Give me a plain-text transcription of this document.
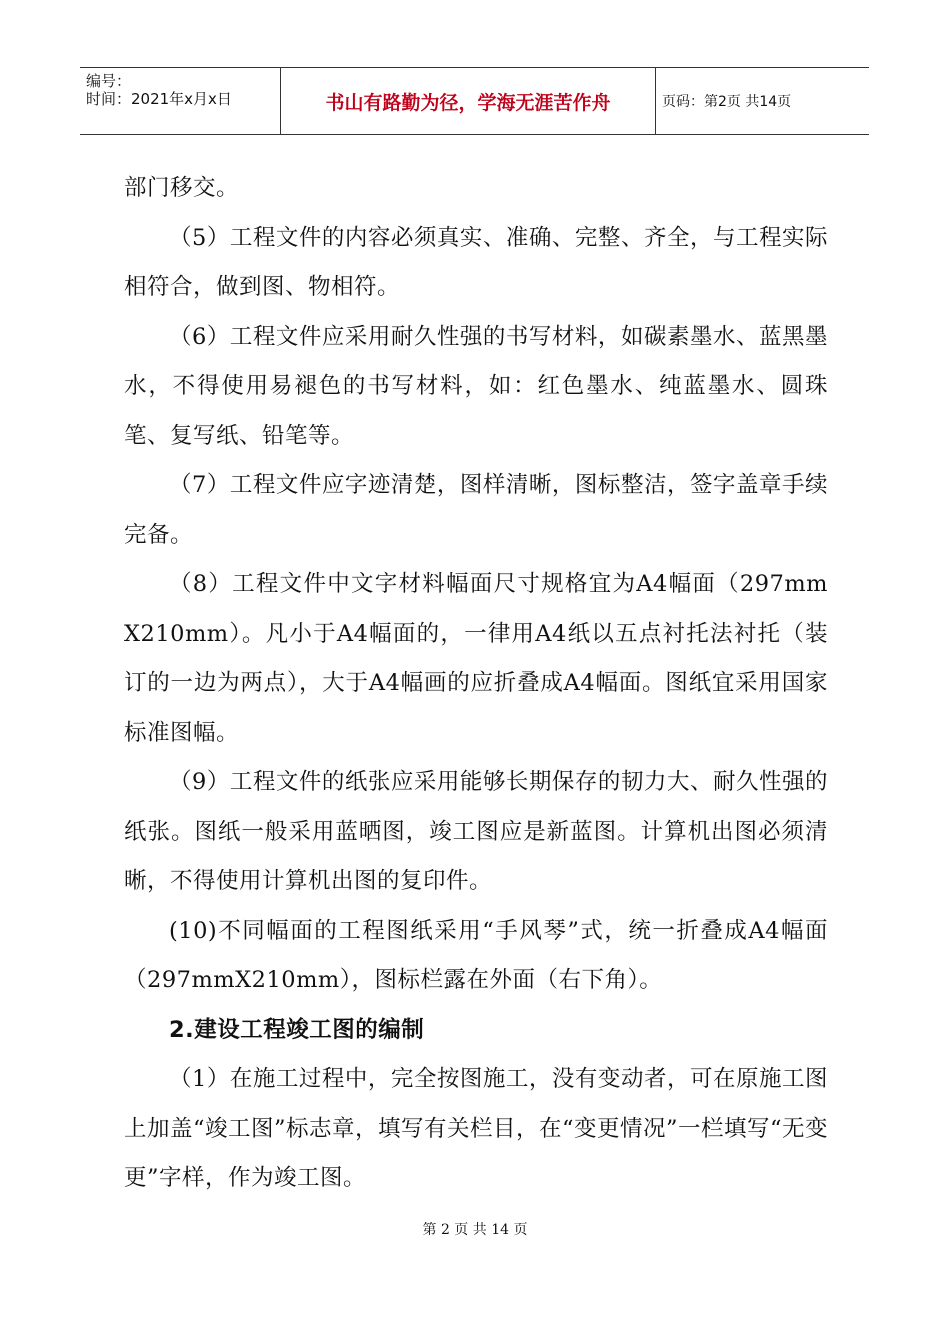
编号：
时间：2021年x月x日	书山有路勤为径，学海无涯苦作舟	页码：第2页 共14页

部门移交。

（5）工程文件的内容必须真实、准确、完整、齐全，与工程实际相符合，做到图、物相符。

（6）工程文件应采用耐久性强的书写材料，如碳素墨水、蓝黑墨水，不得使用易褪色的书写材料，如：红色墨水、纯蓝墨水、圆珠笔、复写纸、铅笔等。

（7）工程文件应字迹清楚，图样清晰，图标整洁，签字盖章手续完备。

（8）工程文件中文字材料幅面尺寸规格宜为A4幅面（297mm X210mm）。凡小于A4幅面的，一律用A4纸以五点衬托法衬托（装订的一边为两点），大于A4幅画的应折叠成A4幅面。图纸宜采用国家标准图幅。

（9）工程文件的纸张应采用能够长期保存的韧力大、耐久性强的纸张。图纸一般采用蓝晒图，竣工图应是新蓝图。计算机出图必须清晰，不得使用计算机出图的复印件。

(10)不同幅面的工程图纸采用“手风琴”式，统一折叠成A4幅面（297mmX210mm），图标栏露在外面（右下角）。

2.建设工程竣工图的编制

（1）在施工过程中，完全按图施工，没有变动者，可在原施工图上加盖“竣工图”标志章，填写有关栏目，在“变更情况”一栏填写“无变更”字样，作为竣工图。

第 2 页 共 14 页
